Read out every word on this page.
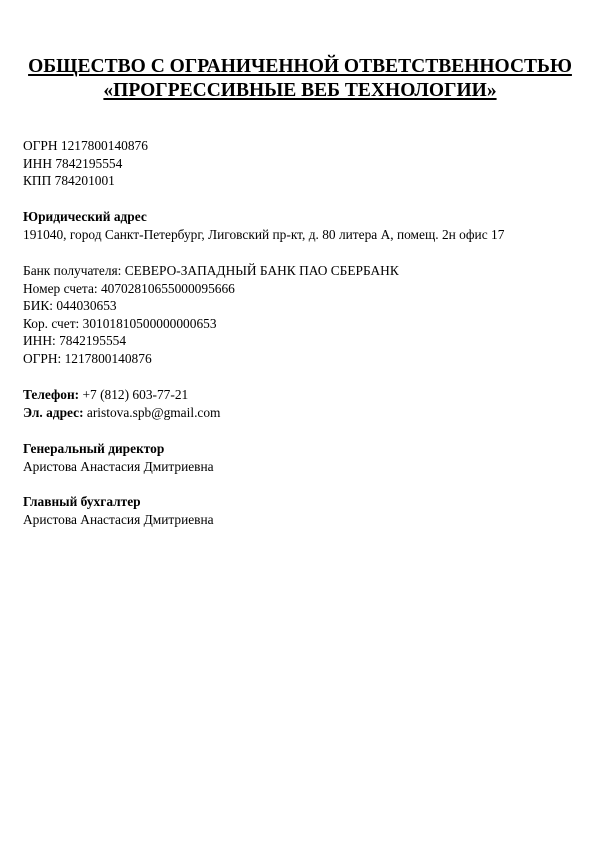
ОБЩЕСТВО С ОГРАНИЧЕННОЙ ОТВЕТСТВЕННОСТЬЮ
«ПРОГРЕССИВНЫЕ ВЕБ ТЕХНОЛОГИИ»
ОГРН 1217800140876
ИНН 7842195554
КПП 784201001
Юридический адрес
191040, город Санкт-Петербург, Лиговский пр-кт, д. 80 литера А, помещ. 2н офис 17
Банк получателя: СЕВЕРО-ЗАПАДНЫЙ БАНК ПАО СБЕРБАНК
Номер счета: 40702810655000095666
БИК: 044030653
Кор. счет: 30101810500000000653
ИНН: 7842195554
ОГРН: 1217800140876
Телефон: +7 (812) 603-77-21
Эл. адрес: aristova.spb@gmail.com
Генеральный директор
Аристова Анастасия Дмитриевна
Главный бухгалтер
Аристова Анастасия Дмитриевна
